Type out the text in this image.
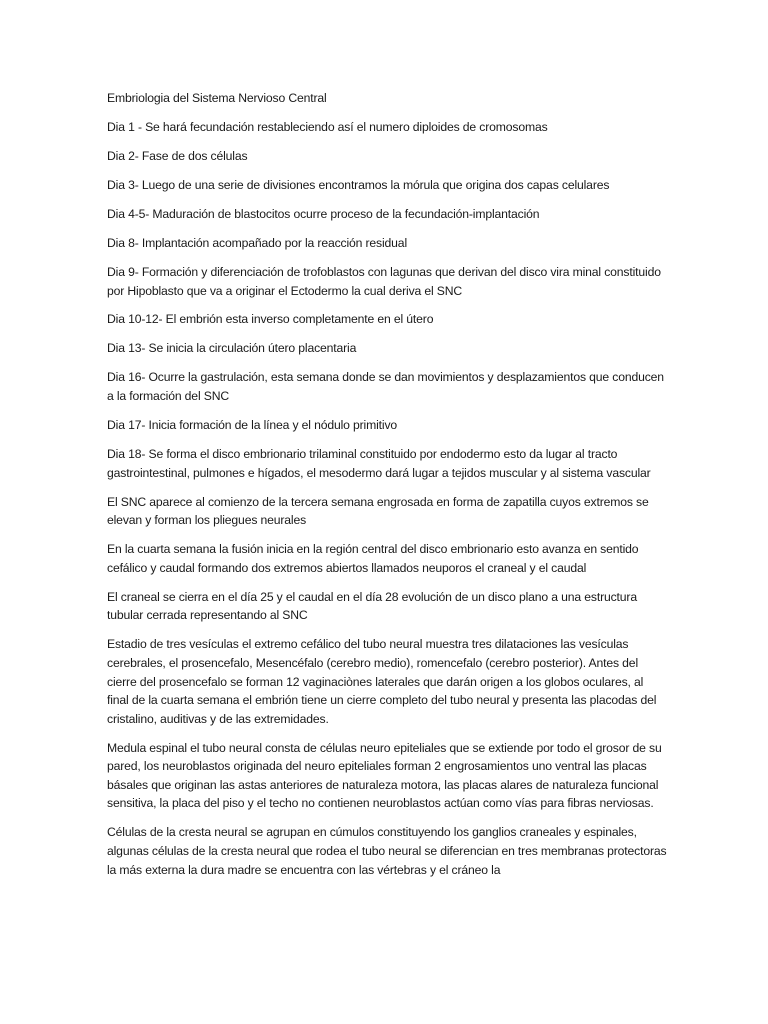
Embriologia del Sistema Nervioso Central

Dia 1 - Se hará fecundación restableciendo así el numero diploides de cromosomas

Dia 2- Fase de dos células

Dia 3- Luego de una serie de divisiones encontramos la mórula que origina dos capas celulares

Dia 4-5- Maduración de blastocitos ocurre proceso de la fecundación-implantación

Dia 8- Implantación acompañado por la reacción residual

Dia 9- Formación y diferenciación de trofoblastos con lagunas que derivan del disco vira minal constituido por Hipoblasto que va a originar el Ectodermo la cual deriva el SNC

Dia 10-12- El embrión esta inverso completamente en el útero

Dia 13- Se inicia la circulación útero placentaria

Dia 16- Ocurre la gastrulación, esta semana donde se dan movimientos y desplazamientos que conducen a la formación del SNC

Dia 17- Inicia formación de la línea y el nódulo primitivo

Dia 18- Se forma el disco embrionario trilaminal constituido por endodermo esto da lugar al tracto gastrointestinal, pulmones e hígados, el mesodermo dará lugar a tejidos muscular y al sistema vascular

El SNC aparece al comienzo de la tercera semana engrosada en forma de zapatilla cuyos extremos se elevan y forman los pliegues neurales

En la cuarta semana la fusión inicia en la región central del disco embrionario esto avanza en sentido cefálico y caudal formando dos extremos abiertos llamados neuporos el craneal y el caudal

El craneal se cierra en el día 25 y el caudal en el día 28 evolución de un disco plano a una estructura tubular cerrada representando al SNC

Estadio de tres vesículas el extremo cefálico del tubo neural muestra tres dilataciones las vesículas cerebrales, el prosencefalo, Mesencéfalo (cerebro medio), romencefalo (cerebro posterior). Antes del cierre del prosencefalo se forman 12 vaginaciònes laterales que darán origen a los globos oculares, al final de la cuarta semana el embrión tiene un cierre completo del tubo neural y presenta las placodas del cristalino, auditivas y de las extremidades.

Medula espinal el tubo neural consta de células neuro epiteliales que se extiende por todo el grosor de su pared, los neuroblastos originada del neuro epiteliales forman 2 engrosamientos uno ventral las placas básales que originan las astas anteriores de naturaleza motora, las placas alares de naturaleza funcional sensitiva, la placa del piso y el techo no contienen neuroblastos actúan como vías para fibras nerviosas.

Células de la cresta neural se agrupan en cúmulos constituyendo los ganglios craneales y espinales, algunas células de la cresta neural que rodea el tubo neural se diferencian en tres membranas protectoras la más externa la dura madre se encuentra con las vértebras y el cráneo la
